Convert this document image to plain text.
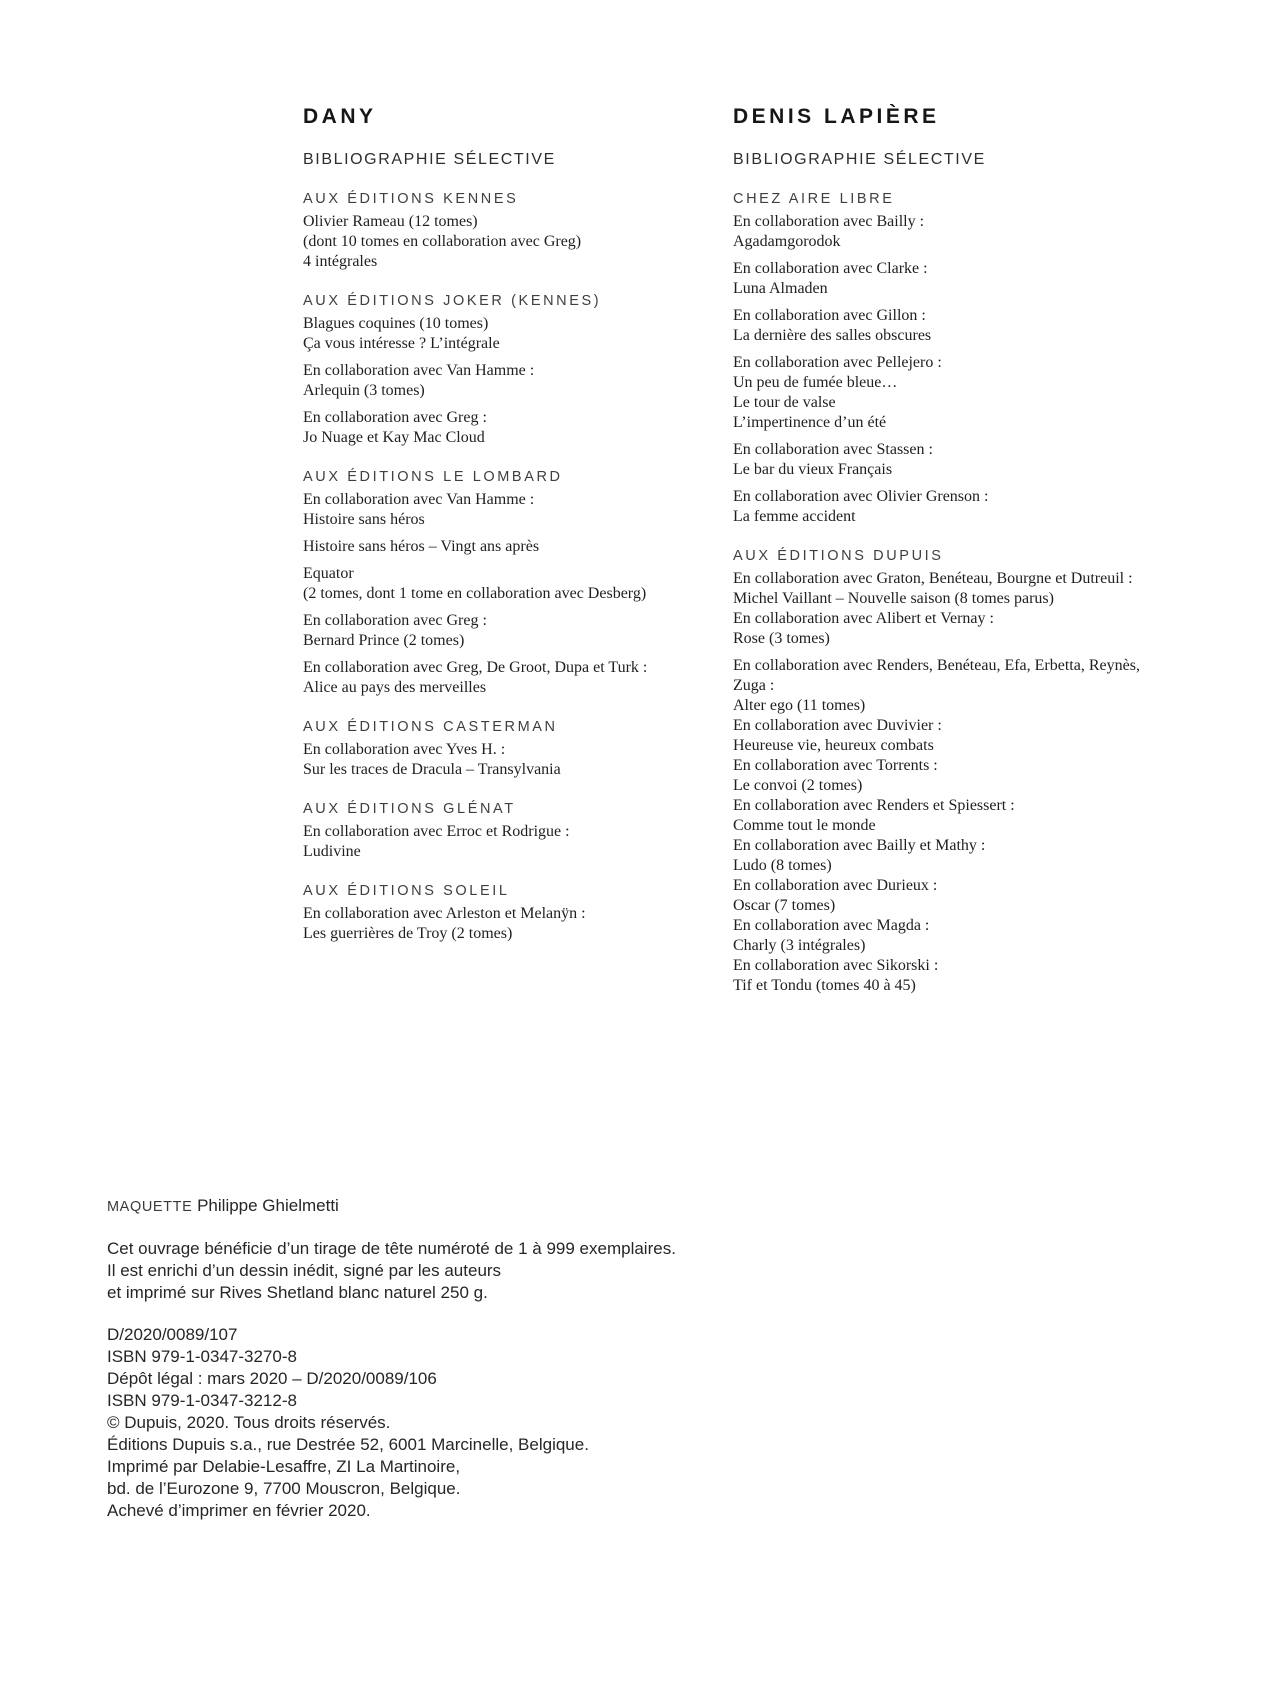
DANY
BIBLIOGRAPHIE SÉLECTIVE
AUX ÉDITIONS KENNES
Olivier Rameau (12 tomes)
(dont 10 tomes en collaboration avec Greg)
4 intégrales
AUX ÉDITIONS JOKER (KENNES)
Blagues coquines (10 tomes)
Ça vous intéresse ? L’intégrale
En collaboration avec Van Hamme :
Arlequin (3 tomes)
En collaboration avec Greg :
Jo Nuage et Kay Mac Cloud
AUX ÉDITIONS LE LOMBARD
En collaboration avec Van Hamme :
Histoire sans héros
Histoire sans héros – Vingt ans après
Equator
(2 tomes, dont 1 tome en collaboration avec Desberg)
En collaboration avec Greg :
Bernard Prince (2 tomes)
En collaboration avec Greg, De Groot, Dupa et Turk :
Alice au pays des merveilles
AUX ÉDITIONS CASTERMAN
En collaboration avec Yves H. :
Sur les traces de Dracula – Transylvania
AUX ÉDITIONS GLÉNAT
En collaboration avec Erroc et Rodrigue :
Ludivine
AUX ÉDITIONS SOLEIL
En collaboration avec Arleston et Melanÿn :
Les guerrières de Troy (2 tomes)
DENIS LAPIÈRE
BIBLIOGRAPHIE SÉLECTIVE
CHEZ AIRE LIBRE
En collaboration avec Bailly :
Agadamgorodok
En collaboration avec Clarke :
Luna Almaden
En collaboration avec Gillon :
La dernière des salles obscures
En collaboration avec Pellejero :
Un peu de fumée bleue…
Le tour de valse
L’impertinence d’un été
En collaboration avec Stassen :
Le bar du vieux Français
En collaboration avec Olivier Grenson :
La femme accident
AUX ÉDITIONS DUPUIS
En collaboration avec Graton, Benéteau, Bourgne et Dutreuil :
Michel Vaillant – Nouvelle saison (8 tomes parus)
En collaboration avec Alibert et Vernay :
Rose (3 tomes)
En collaboration avec Renders, Benéteau, Efa, Erbetta, Reynès,
Zuga :
Alter ego (11 tomes)
En collaboration avec Duvivier :
Heureuse vie, heureux combats
En collaboration avec Torrents :
Le convoi (2 tomes)
En collaboration avec Renders et Spiessert :
Comme tout le monde
En collaboration avec Bailly et Mathy :
Ludo (8 tomes)
En collaboration avec Durieux :
Oscar (7 tomes)
En collaboration avec Magda :
Charly (3 intégrales)
En collaboration avec Sikorski :
Tif et Tondu (tomes 40 à 45)
MAQUETTE Philippe Ghielmetti
Cet ouvrage bénéficie d’un tirage de tête numéroté de 1 à 999 exemplaires.
Il est enrichi d’un dessin inédit, signé par les auteurs
et imprimé sur Rives Shetland blanc naturel 250 g.
D/2020/0089/107
ISBN 979-1-0347-3270-8
Dépôt légal : mars 2020 – D/2020/0089/106
ISBN 979-1-0347-3212-8
© Dupuis, 2020. Tous droits réservés.
Éditions Dupuis s.a., rue Destrée 52, 6001 Marcinelle, Belgique.
Imprimé par Delabie-Lesaffre, ZI La Martinoire,
bd. de l’Eurozone 9, 7700 Mouscron, Belgique.
Achevé d’imprimer en février 2020.
